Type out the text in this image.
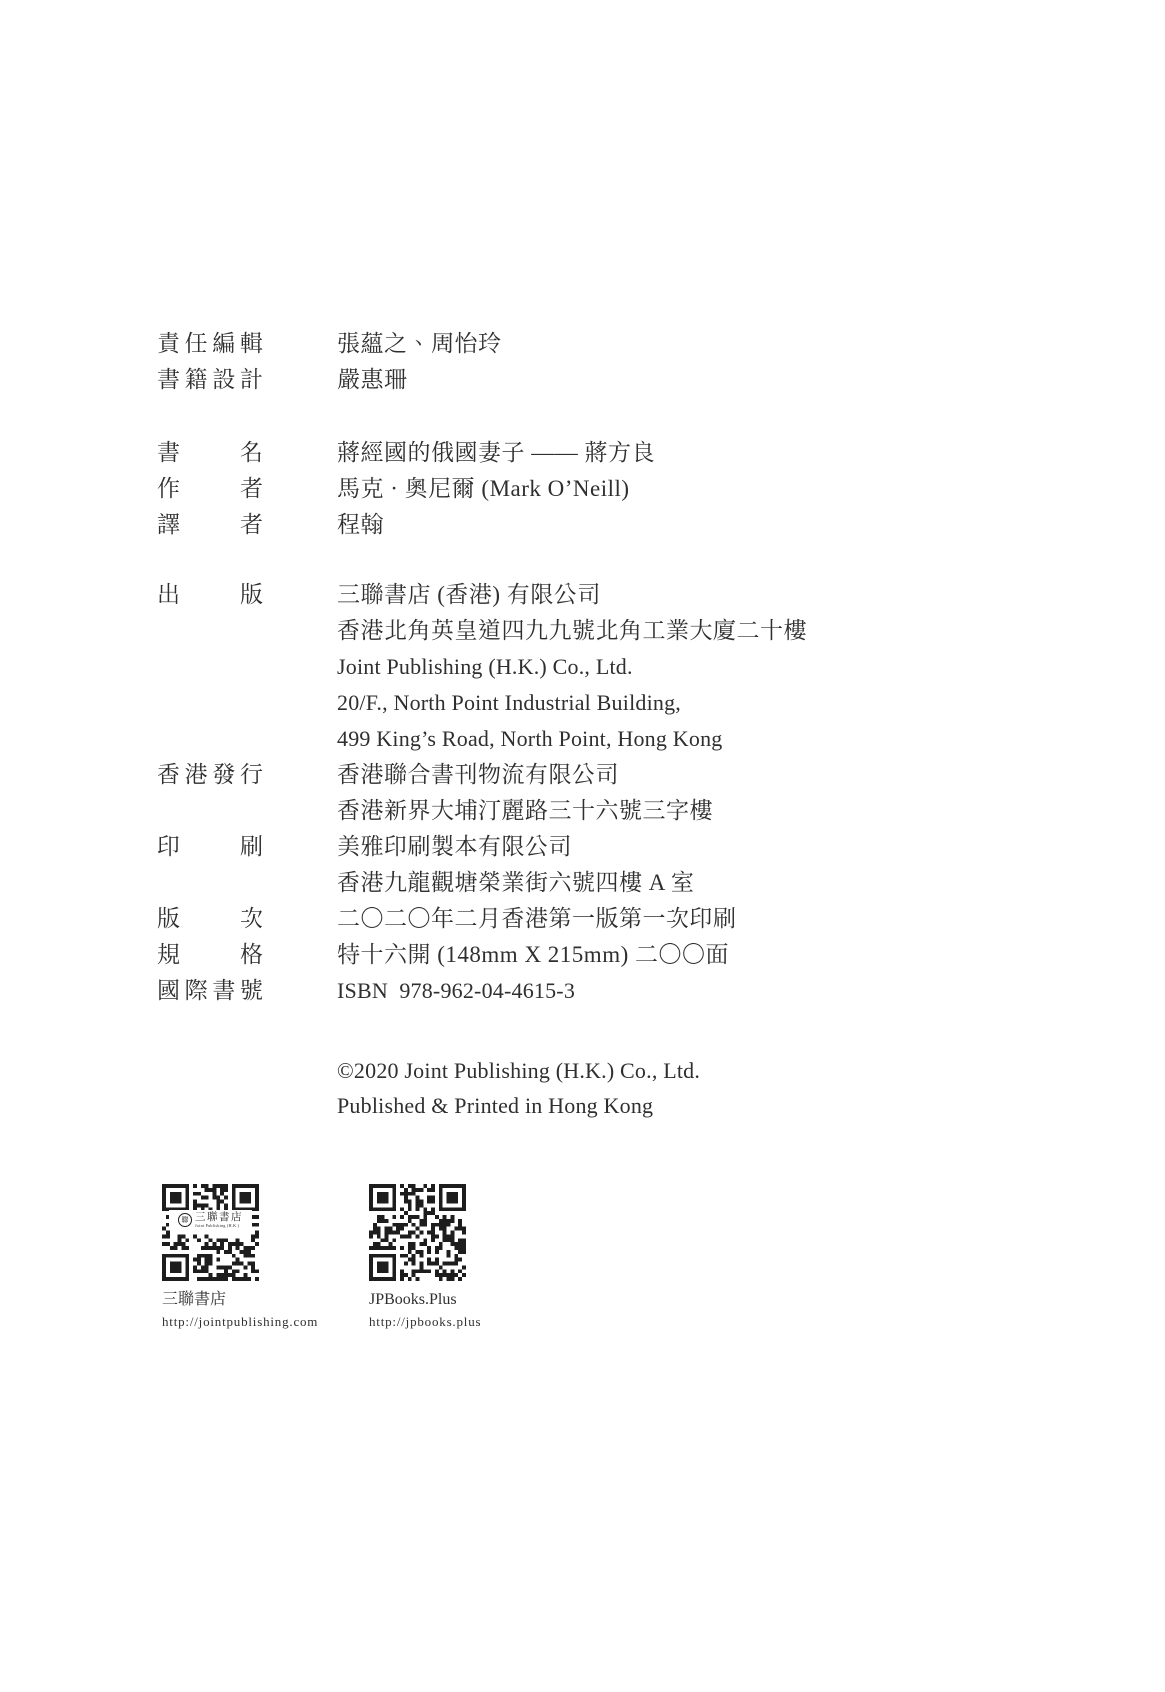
責任編輯	張蘊之、周怡玲
書籍設計	嚴惠珊
書名	蔣經國的俄國妻子 —— 蔣方良
作者	馬克 · 奧尼爾 (Mark O’Neill)
譯者	程翰
出版	三聯書店 (香港) 有限公司
香港北角英皇道四九九號北角工業大廈二十樓
Joint Publishing (H.K.) Co., Ltd.
20/F., North Point Industrial Building,
499 King’s Road, North Point, Hong Kong
香港發行	香港聯合書刊物流有限公司
香港新界大埔汀麗路三十六號三字樓
印刷	美雅印刷製本有限公司
香港九龍觀塘榮業街六號四樓 A 室
版次	二〇二〇年二月香港第一版第一次印刷
規格	特十六開 (148mm X 215mm) 二〇〇面
國際書號	ISBN  978-962-04-4615-3
©2020 Joint Publishing (H.K.) Co., Ltd.
Published & Printed in Hong Kong
聯 三聯書店
Joint Publishing (H.K.)
三聯書店
http://jointpublishing.com
JPBooks.Plus
http://jpbooks.plus
